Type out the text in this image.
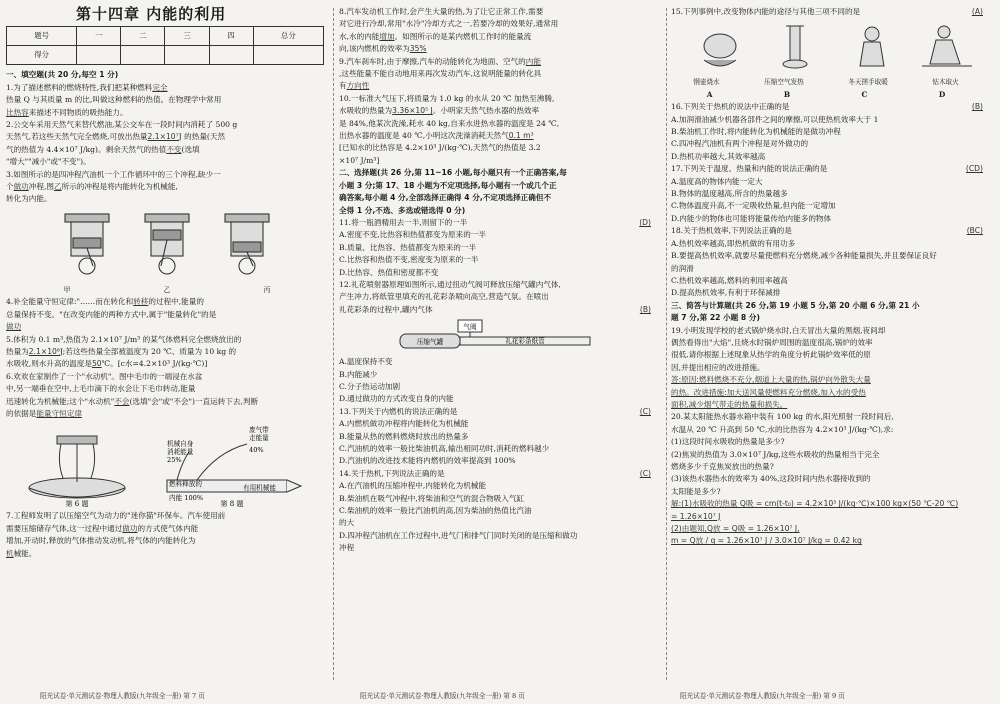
第十四章 内能的利用
题号	一	二	三	四	总分
得分					

一、填空题(共 20 分,每空 1 分)

1.为了描述燃料的燃烧特性,我们把某种燃料完全

热量 Q 与其质量 m 的比,叫做这种燃料的热值。在物理学中常用

比热容来描述不同物质的吸热能力。

2.公交车采用天然气来替代燃油,某公交车在一段时间内消耗了 500 g

天然气,若这些天然气完全燃烧,可放出热量2.1×10⁷J 的热量(天然

气的热值为 4.4×10⁷ J/kg)。剩余天然气的热值不变(选填

"增大""减小"或"不变")。

3.如图所示的是四冲程汽油机一个工作循环中的三个冲程,缺少一

个做功冲程,图乙所示的冲程是将内能转化为机械能,

转化为内能。

甲	乙	丙

4.补全能量守恒定律:"……而在转化和转移的过程中,能量的

总量保持不变。"在改变内能的两种方式中,属于"能量转化"的是

做功

5.体积为 0.1 m³,热值为 2.1×10⁷ J/m³ 的某气体燃料完全燃烧放出的

热量为2.1×10⁶J;若这些热量全部被温度为 20 ℃、质量为 10 kg 的

水吸收,则水升高的温度是50℃。[c水=4.2×10³ J/(kg·℃)]

6.欢欢在家制作了一个"水动机"。图中毛巾的一端浸在水盆

中,另一端垂在空中,上毛巾滴下的水会让下毛巾转动,能量

迅速转化为机械能;这个"水动机"不会(选填"会"或"不会")一直运转下去,判断

的依据是能量守恒定律

第 6 题
机械自身
消耗能量
25%
燃料释放的
内能 100%
有用机械能
废气带
走能量
40%
第 8 题

7.工程师发明了以压缩空气为动力的"迷你猫"环保车。汽车使用前

需要压缩储存气体,这一过程中通过做功的方式使气体内能

增加,开动时,释放的气体推动发动机,将气体的内能转化为

机械能。

8.汽车发动机工作时,会产生大量的热,为了让它正常工作,需要

对它进行冷却,常用"水冷"冷却方式之一,若要冷却的效果好,通常用

水,水的内能增加。如图所示的是某内燃机工作时的能量流

向,该内燃机的效率为35%

9.汽车刹车时,由于摩擦,汽车的动能转化为地面、空气的内能

,这些能量不能自动地用来再次发动汽车,这说明能量的转化具

有方向性

10.一标准大气压下,将质量为 1.0 kg 的水从 20 ℃ 加热至沸腾,

水吸收的热量为3.36×10⁵ J。小明家天然气热水器的热效率

是 84%,他某次洗澡,耗水 40 kg,自来水进热水器的温度是 24 ℃,

出热水器的温度是 40 ℃,小明这次洗澡消耗天然气0.1 m³

[已知水的比热容是 4.2×10³ J/(kg·℃),天然气的热值是 3.2

×10⁷ J/m³]

二、选择题(共 26 分,第 11~16 小题,每小题只有一个正确答案,每

小题 3 分;第 17、18 小题为不定项选择,每小题有一个或几个正

确答案,每小题 4 分,全部选择正确得 4 分,不定项选择正确但不

全得 1 分,不选、多选或错选得 0 分)

11.将一瓶酒精用去一半,则留下的一半	(D)

A.密度不变,比热容和热值都变为原来的一半

B.质量、比热容、热值都变为原来的一半

C.比热容和热值不变,密度变为原来的一半

D.比热容、热值和密度都不变

12.礼花喷射器原理如图所示,通过扭动气阀可释放压缩气罐内气体,

产生冲力,将纸管里填充的礼花彩条喷向高空,营造气氛。在喷出

礼花彩条的过程中,罐内气体	(B)

气阀
压缩气罐	礼花彩条纸管

A.温度保持不变

B.内能减少

C.分子热运动加剧

D.通过做功的方式改变自身的内能

13.下列关于内燃机的说法正确的是	(C)

A.内燃机做功冲程将内能转化为机械能

B.能量从热的燃料燃烧时放出的热量多

C.汽油机的效率一般比柴油机高,输出相同功时,消耗的燃料越少

D.汽油机的改进技术能将内燃机的效率提高到 100%

14.关于热机,下列说法正确的是	(C)

A.在汽油机的压缩冲程中,内能转化为机械能

B.柴油机在吸气冲程中,将柴油和空气的混合物吸入气缸

C.柴油机的效率一般比汽油机的高,因为柴油的热值比汽油

的大

D.四冲程汽油机在工作过程中,进气门和排气门同时关闭的是压缩和做功

冲程

15.下列事例中,改变物体内能的途径与其他三项不同的是	(A)

钢壶烧水	压缩空气发热	冬天搓手取暖	钻木取火
A	B	C	D

16.下列关于热机的说法中正确的是	(B)

A.加润滑油减少机器各部件之间的摩擦,可以使热机效率大于 1

B.柴油机工作时,将内能转化为机械能的是做功冲程

C.四冲程汽油机有两个冲程是对外做功的

D.热机功率越大,其效率越高

17.下列关于温度、热量和内能的说法正确的是	(CD)

A.温度高的物体内能一定大

B.物体的温度越高,所含的热量越多

C.物体温度升高,不一定吸收热量,但内能一定增加

D.内能少的物体也可能将能量传给内能多的物体

18.关于热机效率,下列说法正确的是	(BC)

A.热机效率越高,即热机做的有用功多

B.要提高热机效率,就要尽量使燃料充分燃烧,减少各种能量损失,并且要保证良好

的润滑

C.热机效率越高,燃料的利用率越高

D.提高热机效率,有利于环保减排

三、简答与计算题(共 26 分,第 19 小题 5 分,第 20 小题 6 分,第 21 小

题 7 分,第 22 小题 8 分)

19.小明发现学校的老式锅炉烧水时,白天冒出大量的黑烟,夜间却

偶然看得出"大焰",且烧水时锅炉周围的温度很高,锅炉的效率

很低,请你根据上述现象从热学的角度分析此锅炉效率低的原

因,并提出相应的改进措施。

答:原因:燃料燃烧不充分,烟道上大量的热,锅炉向外散失大量

的热。改进措施:加大送风量使燃料充分燃烧,加入水的受热

面积,减少烟气带走的热量和损失。

20.某太阳能热水器水箱中装有 100 kg 的水,阳光照射一段时间后,

水温从 20 ℃ 升高到 50 ℃,水的比热容为 4.2×10³ J/(kg·℃),求:

(1)这段时间水吸收的热量是多少?

(2)焦炭的热值为 3.0×10⁷ J/kg,这些水吸收的热量相当于完全

燃烧多少千克焦炭放出的热量?

(3)该热水器热水的效率为 40%,这段时间内热水器接收到的

太阳能是多少?

解:(1)水吸收的热量 Q吸 = cm(t-t₀) = 4.2×10³ J/(kg·℃)×100 kg×(50 ℃-20 ℃)

= 1.26×10⁷ J

(2)由题知,Q放 = Q吸 = 1.26×10⁷ J,

m = Q放 / q = 1.26×10⁷ J / 3.0×10⁷ J/kg = 0.42 kg

阳光试卷·单元测试卷·物理人教版(九年级全一册) 第 7 页	阳光试卷·单元测试卷·物理人教版(九年级全一册) 第 8 页	阳光试卷·单元测试卷·物理人教版(九年级全一册) 第 9 页
